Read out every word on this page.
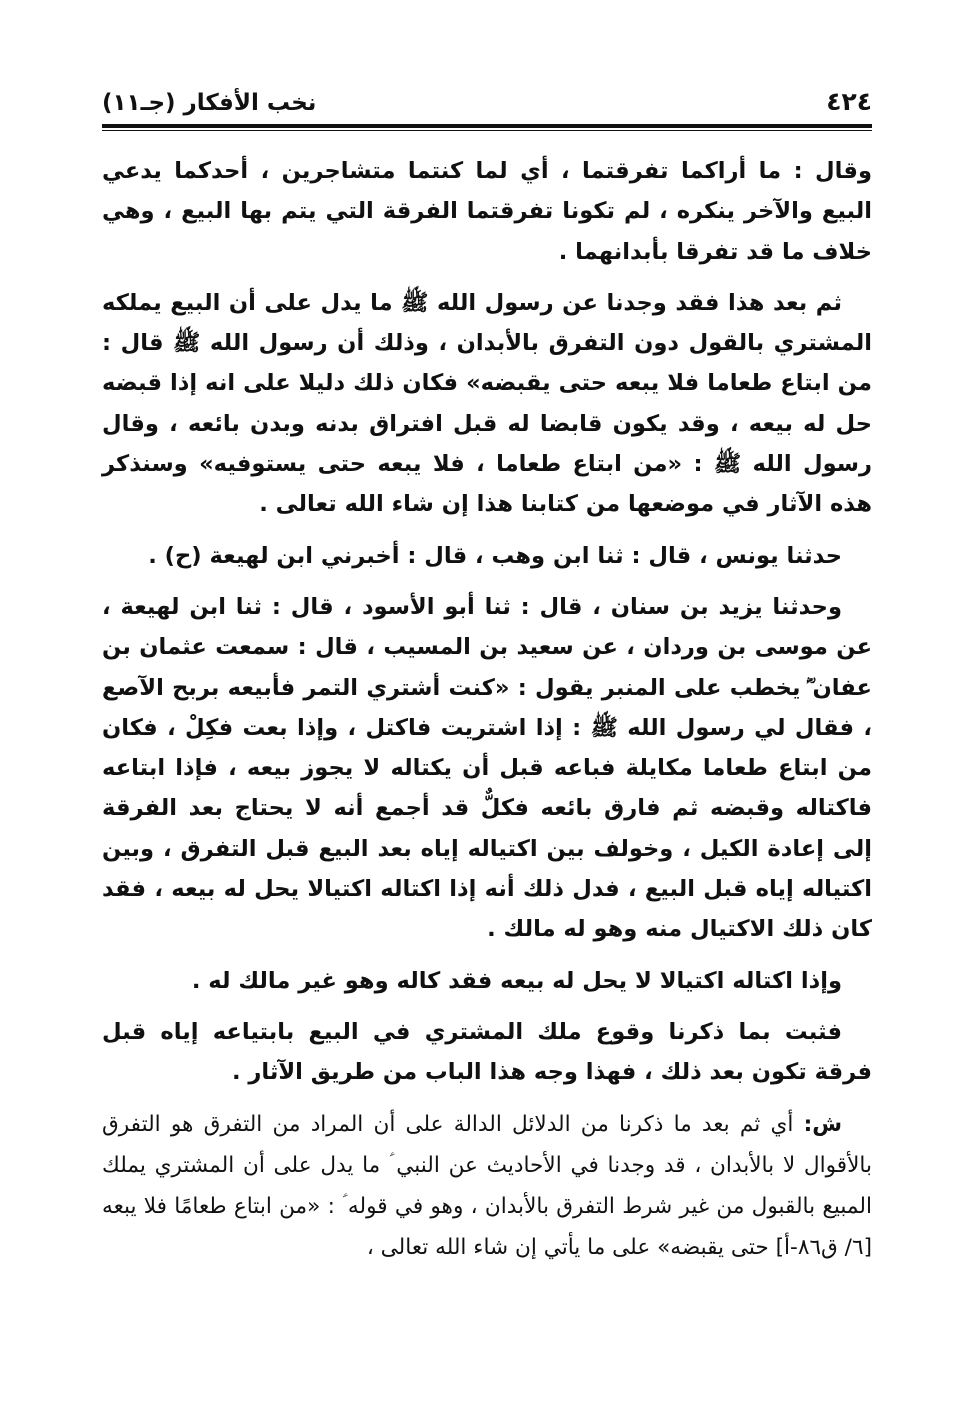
٤٢٤
نخب الأفكار (جـ١١)

وقال : ما أراكما تفرقتما ، أي لما كنتما متشاجرين ، أحدكما يدعي البيع والآخر ينكره ، لم تكونا تفرقتما الفرقة التي يتم بها البيع ، وهي خلاف ما قد تفرقا بأبدانهما .

ثم بعد هذا فقد وجدنا عن رسول الله ﷺ ما يدل على أن البيع يملكه المشتري بالقول دون التفرق بالأبدان ، وذلك أن رسول الله ﷺ قال : من ابتاع طعاما فلا يبعه حتى يقبضه» فكان ذلك دليلا على انه إذا قبضه حل له بيعه ، وقد يكون قابضا له قبل افتراق بدنه وبدن بائعه ، وقال رسول الله ﷺ : «من ابتاع طعاما ، فلا يبعه حتى يستوفيه» وسنذكر هذه الآثار في موضعها من كتابنا هذا إن شاء الله تعالى .

حدثنا يونس ، قال : ثنا ابن وهب ، قال : أخبرني ابن لهيعة (ح) .

وحدثنا يزيد بن سنان ، قال : ثنا أبو الأسود ، قال : ثنا ابن لهيعة ، عن موسى بن وردان ، عن سعيد بن المسيب ، قال : سمعت عثمان بن عفان ؓ يخطب على المنبر يقول : «كنت أشتري التمر فأبيعه بربح الآصع ، فقال لي رسول الله ﷺ : إذا اشتريت فاكتل ، وإذا بعت فكِلْ ، فكان من ابتاع طعاما مكايلة فباعه قبل أن يكتاله لا يجوز بيعه ، فإذا ابتاعه فاكتاله وقبضه ثم فارق بائعه فكلٌّ قد أجمع أنه لا يحتاج بعد الفرقة إلى إعادة الكيل ، وخولف بين اكتياله إياه بعد البيع قبل التفرق ، وبين اكتياله إياه قبل البيع ، فدل ذلك أنه إذا اكتاله اكتيالا يحل له بيعه ، فقد كان ذلك الاكتيال منه وهو له مالك .

وإذا اكتاله اكتيالا لا يحل له بيعه فقد كاله وهو غير مالك له .

فثبت بما ذكرنا وقوع ملك المشتري في البيع بابتياعه إياه قبل فرقة تكون بعد ذلك ، فهذا وجه هذا الباب من طريق الآثار .

ش: أي ثم بعد ما ذكرنا من الدلائل الدالة على أن المراد من التفرق هو التفرق بالأقوال لا بالأبدان ، قد وجدنا في الأحاديث عن النبي ؑ ما يدل على أن المشتري يملك المبيع بالقبول من غير شرط التفرق بالأبدان ، وهو في قوله ؑ : «من ابتاع طعامًا فلا يبعه [٦/ ق٨٦-أ] حتى يقبضه» على ما يأتي إن شاء الله تعالى ،
